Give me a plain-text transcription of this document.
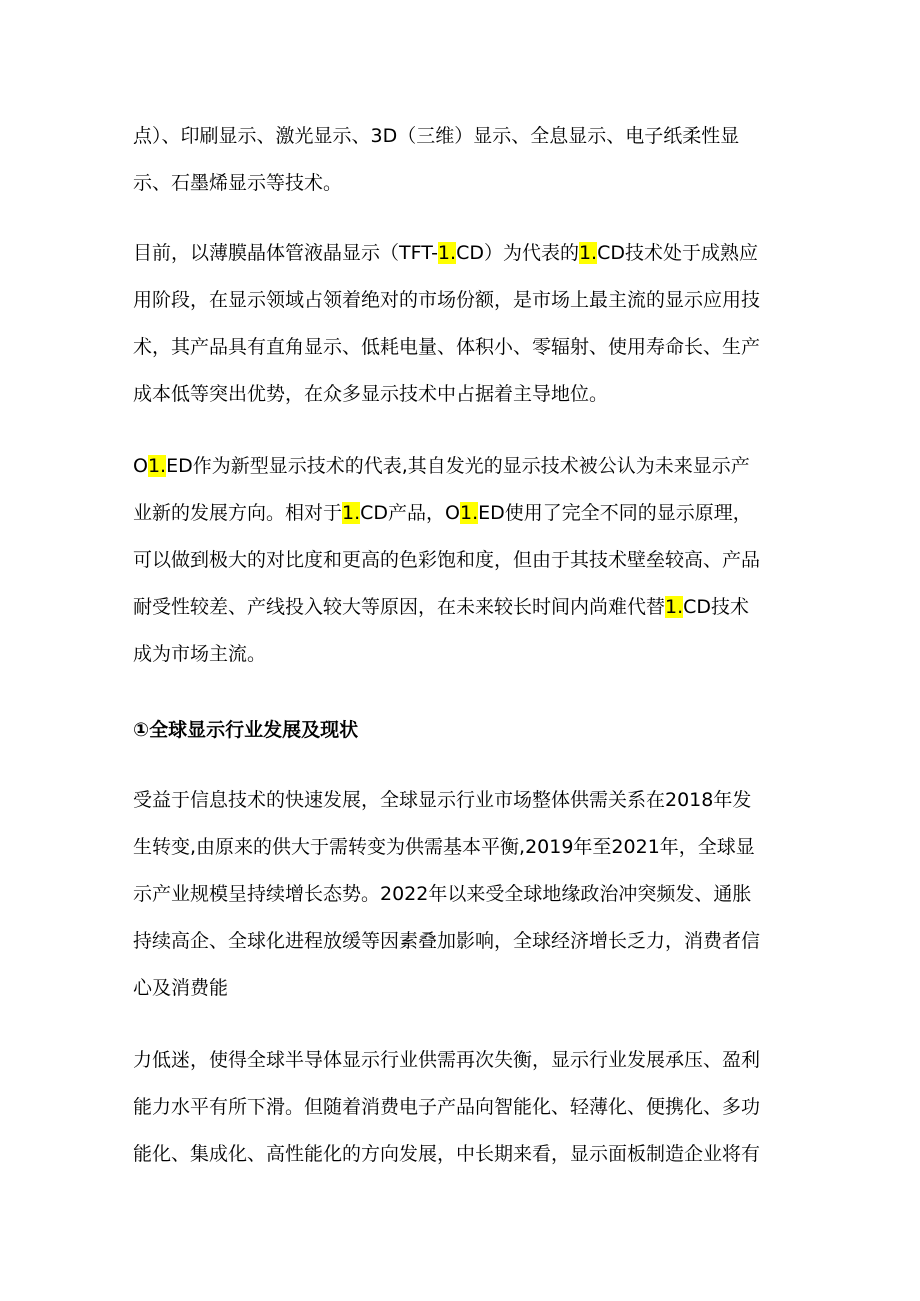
点）、印刷显示、激光显示、3D（三维）显示、全息显示、电子纸柔性显
示、石墨烯显示等技术。
目前，以薄膜晶体管液晶显示（TFT-1.CD）为代表的1.CD技术处于成熟应
用阶段，在显示领域占领着绝对的市场份额，是市场上最主流的显示应用技
术，其产品具有直角显示、低耗电量、体积小、零辐射、使用寿命长、生产
成本低等突出优势，在众多显示技术中占据着主导地位。
O1.ED作为新型显示技术的代表,其自发光的显示技术被公认为未来显示产
业新的发展方向。相对于1.CD产品，O1.ED使用了完全不同的显示原理，
可以做到极大的对比度和更高的色彩饱和度，但由于其技术壁垒较高、产品
耐受性较差、产线投入较大等原因，在未来较长时间内尚难代替1.CD技术
成为市场主流。
①全球显示行业发展及现状
受益于信息技术的快速发展，全球显示行业市场整体供需关系在2018年发
生转变,由原来的供大于需转变为供需基本平衡,2019年至2021年，全球显
示产业规模呈持续增长态势。2022年以来受全球地缘政治冲突频发、通胀
持续高企、全球化进程放缓等因素叠加影响，全球经济增长乏力，消费者信
心及消费能
力低迷，使得全球半导体显示行业供需再次失衡，显示行业发展承压、盈利
能力水平有所下滑。但随着消费电子产品向智能化、轻薄化、便携化、多功
能化、集成化、高性能化的方向发展，中长期来看，显示面板制造企业将有
